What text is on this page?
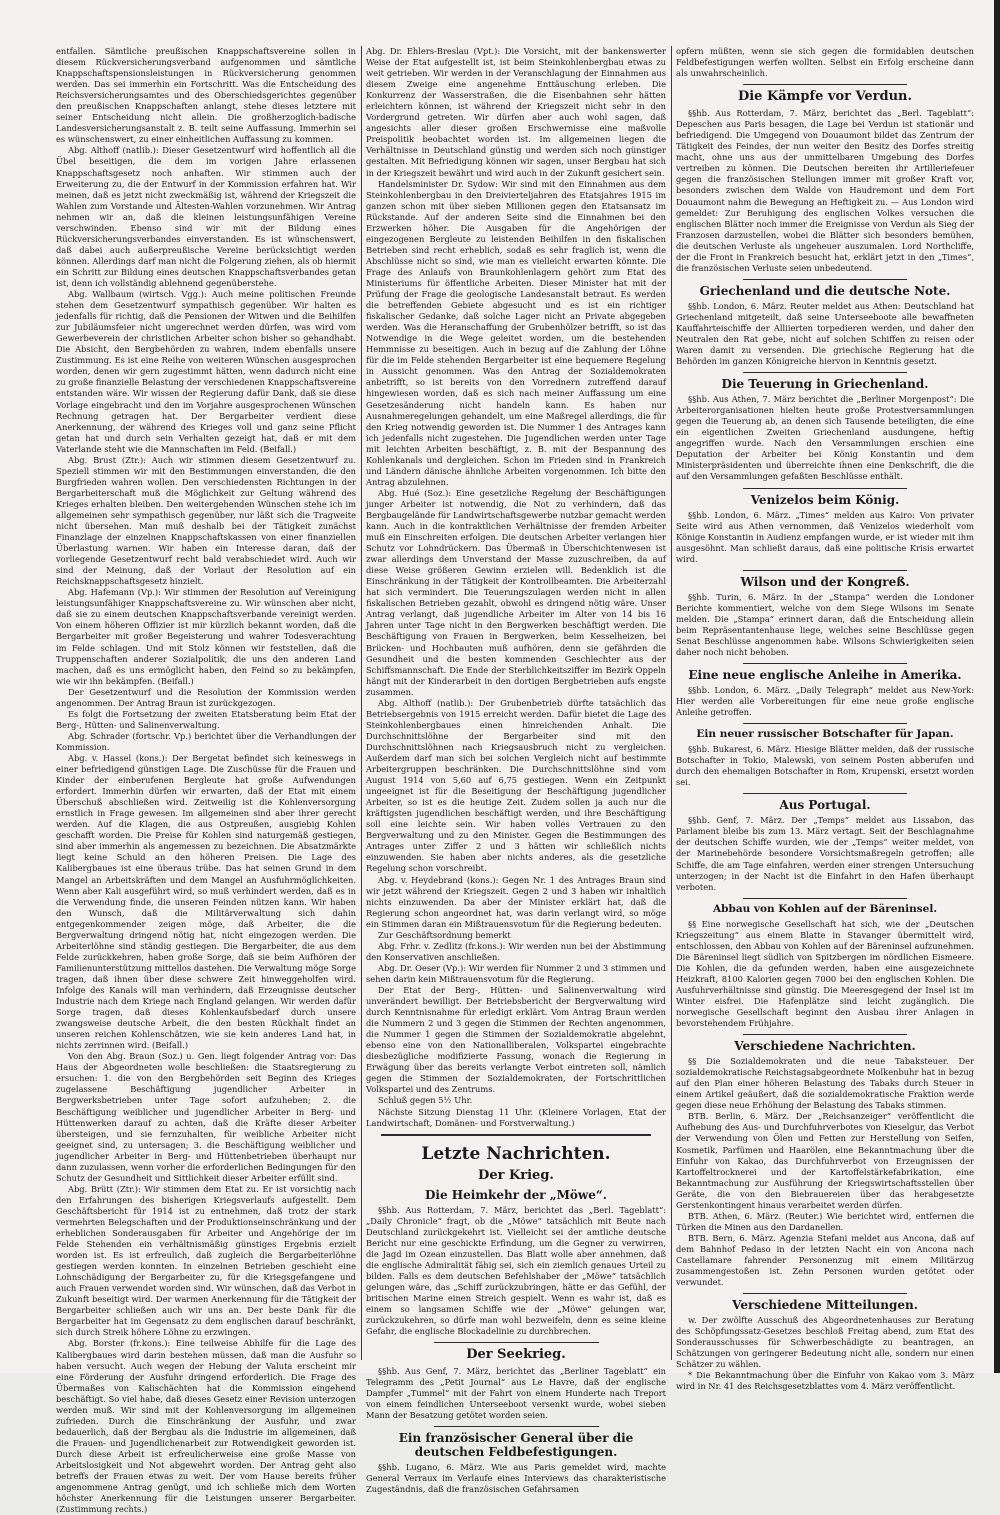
entfallen. Sämtliche preußischen Knappschaftsvereine sollen in diesem Rückversicherungsverband aufgenommen und sämtliche Knappschaftspensionsleistungen in Rückversicherung genommen werden. Das sei immerhin ein Fortschritt. Was die Entscheidung des Reichsversicherungsamtes und des Oberschiedsgerichtes gegenüber den preußischen Knappschaften anlangt, stehe dieses letztere mit seiner Entscheidung nicht allein. Die großherzoglich-badische Landesversicherungsanstalt z. B. teilt seine Auffassung. Immerhin sei es wünschenswert, zu einer einheitlichen Auffassung zu kommen.

Abg. Althoff (natlib.): Dieser Gesetzentwurf wird hoffentlich all die Übel beseitigen, die dem im vorigen Jahre erlassenen Knappschaftsgesetz noch anhaften. Wir stimmen auch der Erweiterung zu, die der Entwurf in der Kommission erfahren hat. Wir meinen, daß es jetzt nicht zweckmäßig ist, während der Kriegszeit die Wahlen zum Vorstande und Ältesten-Wahlen vorzunehmen. Wir Antrag nehmen wir an, daß die kleinen leistungsunfähigen Vereine verschwinden. Ebenso sind wir mit der Bildung eines Rückversicherungsverbandes einverstanden. Es ist wünschenswert, daß dabei auch außerpreußische Vereine berücksichtigt werden können. Allerdings darf man nicht die Folgerung ziehen, als ob hiermit ein Schritt zur Bildung eines deutschen Knappschaftsverbandes getan ist, denn ich vollständig ablehnend gegenüberstehe.

Abg. Wallbaum (wirtsch. Vgg.): Auch meine politischen Freunde stehen dem Gesetzentwurf sympathisch gegenüber. Wir halten es jedenfalls für richtig, daß die Pensionen der Witwen und die Beihilfen zur Jubiläumsfeier nicht ungerechnet werden dürfen, was wird vom Gewerbeverein der christlichen Arbeiter schon bisher so gehandhabt. Die Absicht, den Bergbehörden zu wahren, indem ebenfalls unsere Zustimmung. Es ist eine Reihe von weiteren Wünschen ausgesprochen worden, denen wir gern zugestimmt hätten, wenn dadurch nicht eine zu große finanzielle Belastung der verschiedenen Knappschaftsvereine entstanden wäre. Wir wissen der Regierung dafür Dank, daß sie diese Vorlage eingebracht und den im Vorjahre ausgesprochenen Wünschen Rechnung getragen hat. Der Bergarbeiter verdient diese Anerkennung, der während des Krieges voll und ganz seine Pflicht getan hat und durch sein Verhalten gezeigt hat, daß er mit dem Vaterlande steht wie die Mannschaften im Feld. (Beifall.)

Abg. Brust (Ztr.): Auch wir stimmen diesem Gesetzentwurf zu. Speziell stimmen wir mit den Bestimmungen einverstanden, die den Burgfrieden wahren wollen. Den verschiedensten Richtungen in der Bergarbeiterschaft muß die Möglichkeit zur Geltung während des Krieges erhalten bleiben. Den weitergehenden Wünschen stehe ich im allgemeinen sehr sympathisch gegenüber, nur läßt sich die Tragweite nicht übersehen. Man muß deshalb bei der Tätigkeit zunächst Finanzlage der einzelnen Knappschaftskassen von einer finanziellen Überlastung warnen. Wir haben ein Interesse daran, daß der vorliegende Gesetzentwurf recht bald verabschiedet wird. Auch wir sind der Meinung, daß der Vorlaut der Resolution auf ein Reichsknappschaftsgesetz hinzielt.

Abg. Hafemann (Vp.): Wir stimmen der Resolution auf Vereinigung leistungsunfähiger Knappschaftsvereine zu. Wir wünschen aber nicht, daß sie zu einem deutschen Knappschaftsverbande vereinigt werden. Von einem höheren Offizier ist mir kürzlich bekannt worden, daß die Bergarbeiter mit großer Begeisterung und wahrer Todesverachtung im Felde schlagen. Und mit Stolz können wir feststellen, daß die Truppenschaften anderer Sozialpolitik, die uns den anderen Land machen, daß es uns ermöglicht haben, den Feind so zu bekämpfen, wie wir ihn bekämpfen. (Beifall.)

Der Gesetzentwurf und die Resolution der Kommission werden angenommen. Der Antrag Braun ist zurückgezogen.

Es folgt die Fortsetzung der zweiten Etatsberatung beim Etat der Berg-, Hütten- und Salinenverwaltung.

Abg. Schrader (fortschr. Vp.) berichtet über die Verhandlungen der Kommission.

Abg. v. Hassel (kons.): Der Bergetat befindet sich keineswegs in einer befriedigend günstigen Lage. Die Zuschüsse für die Frauen und Kinder der einberufenen Bergleute hat große Aufwendungen erfordert. Immerhin dürfen wir erwarten, daß der Etat mit einem Überschuß abschließen wird. Zeitweilig ist die Kohlenversorgung ernstlich in Frage gewesen. Im allgemeinen sind aber ihrer gerecht werden. Auf die Klagen, die aus Ostpreußen, ausgiebig Kohlen geschafft worden. Die Preise für Kohlen sind naturgemäß gestiegen, sind aber immerhin als angemessen zu bezeichnen. Die Absatzmärkte liegt keine Schuld an den höheren Preisen. Die Lage des Kalibergbaues ist eine überaus trübe. Das hat seinen Grund in dem Mangel an Arbeitskräften und dem Mangel an Ausfuhrmöglichkeiten. Wenn aber Kali ausgeführt wird, so muß verhindert werden, daß es in die Verwendung finde, die unseren Feinden nützen kann. Wir haben den Wunsch, daß die Militärverwaltung sich dahin entgegenkommender zeigen möge, daß Arbeiter, die die Bergverwaltung dringend nötig hat, nicht eingezogen werden. Die Arbeiterlöhne sind ständig gestiegen. Die Bergarbeiter, die aus dem Felde zurückkehren, haben große Sorge, daß sie beim Aufhören der Familienunterstützung mittellos dastehen. Die Verwaltung möge Sorge tragen, daß ihnen über diese schwere Zeit hinweggeholfen wird. Infolge des Kanals will man verhindern, daß Erzeugnisse deutscher Industrie nach dem Kriege nach England gelangen. Wir werden dafür Sorge tragen, daß dieses Kohlenkaufsbedarf durch unsere zwangsweise deutsche Arbeit, die den besten Rückhalt findet an unseren reichen Kohlenschätzen, wie sie kein anderes Land hat, in nichts zerrinnen wird. (Beifall.)

Von den Abg. Braun (Soz.) u. Gen. liegt folgender Antrag vor: Das Haus der Abgeordneten wolle beschließen: die Staatsregierung zu ersuchen: 1. die von den Bergbehörden seit Beginn des Krieges zugelassene Beschäftigung jugendlicher Arbeiter in Bergwerksbetrieben unter Tage sofort aufzuheben; 2. die Beschäftigung weiblicher und jugendlicher Arbeiter in Berg- und Hüttenwerken darauf zu achten, daß die Kräfte dieser Arbeiter übersteigen, und sie fernzuhalten, für weibliche Arbeiter nicht geeignet sind, zu untersagen; 3. die Beschäftigung weiblicher und jugendlicher Arbeiter in Berg- und Hüttenbetrieben überhaupt nur dann zuzulassen, wenn vorher die erforderlichen Bedingungen für den Schutz der Gesundheit und Sittlichkeit dieser Arbeiter erfüllt sind.

Abg. Brütt (Ztr.): Wir stimmen dem Etat zu. Er ist vorsichtig nach den Erfahrungen des bisherigen Kriegsverlaufs aufgestellt. Dem Geschäftsbericht für 1914 ist zu entnehmen, daß trotz der stark vermehrten Belegschaften und der Produktionseinschränkung und der erheblichen Sonderausgaben für Arbeiter und Angehörige der im Felde Stehenden ein verhältnismäßig günstiges Ergebnis erzielt worden ist. Es ist erfreulich, daß zugleich die Bergarbeiterlöhne gestiegen werden konnten. In einzelnen Betrieben geschieht eine Lohnschädigung der Bergarbeiter zu, für die Kriegsgefangene und auch Frauen verwendet worden sind. Wir wünschen, daß das Verbot in Zukunft beseitigt wird. Der warmen Anerkennung für die Tätigkeit der Bergarbeiter schließen auch wir uns an. Der beste Dank für die Bergarbeiter hat im Gegensatz zu dem englischen darauf beschränkt, sich durch Streik höhere Löhne zu erzwingen.

Abg. Borster (fr.kons.): Eine teilweise Abhilfe für die Lage des Kalibergbaues wird darin bestehen müssen, daß man die Ausfuhr so haben versucht. Auch wegen der Hebung der Valuta erscheint mir eine Förderung der Ausfuhr dringend erforderlich. Die Frage des Übermaßes von Kalischächten hat die Kommission eingehend beschäftigt. So viel habe, daß dieses Gesetz einer Revision unterzogen werden muß. Wir sind mit der Kohlenversorgung im allgemeinen zufrieden. Durch die Einschränkung der Ausfuhr, und zwar bedauerlich, daß der Bergbau als die Industrie im allgemeinen, daß die Frauen- und Jugendlichenarbeit zur Rotwendigkeit geworden ist. Durch diese Arbeit ist erfreulicherweise eine große Masse von Arbeitslosigkeit und Not abgewehrt worden. Der Antrag geht also betreffs der Frauen etwas zu weit. Der vom Hause bereits früher angenommene Antrag genügt, und ich schließe mich dem Worten höchster Anerkennung für die Leistungen unserer Bergarbeiter. (Zustimmung rechts.)

Abg. Dr. Ehlers-Breslau (Vpt.): Die Vorsicht, mit der bankenswerter Weise der Etat aufgestellt ist, ist beim Steinkohlenbergbau etwas zu weit getrieben. Wir werden in der Veranschlagung der Einnahmen aus diesem Zweige eine angenehme Enttäuschung erleben. Die Konkurrenz der Wasserstraßen, die die Eisenbahnen sehr hätten erleichtern können, ist während der Kriegszeit nicht sehr in den Vordergrund getreten. Wir dürfen aber auch wohl sagen, daß angesichts aller dieser großen Erschwernisse eine maßvolle Preispolitik beobachtet worden ist. Im allgemeinen liegen die Verhältnisse in Deutschland günstig und werden sich noch günstiger gestalten. Mit Befriedigung können wir sagen, unser Bergbau hat sich in der Kriegszeit bewährt und wird auch in der Zukunft gesichert sein.

Handelsminister Dr. Sydow: Wir sind mit den Einnahmen aus dem Steinkohlenbergbau in den Dreivierteljahren des Etatsjahres 1915 im ganzen schon mit über sieben Millionen gegen den Etatsansatz im Rückstande. Auf der anderen Seite sind die Einnahmen bei den Erzwerken höher. Die Ausgaben für die Angehörigen der eingezogenen Bergleute zu leistenden Beihilfen in den fiskalischen Betrieben sind recht erheblich, sodaß es sehr fraglich ist, wenn die Abschlüsse nicht so sind, wie man es vielleicht erwarten könnte. Die Frage des Anlaufs von Braunkohlenlagern gehört zum Etat des Ministeriums für öffentliche Arbeiten. Dieser Minister hat mit der Prüfung der Frage die geologische Landesanstalt betraut. Es werden die betreffenden Gebiete abgesucht und es ist ein richtiger fiskalischer Gedanke, daß solche Lager nicht an Private abgegeben werden. Was die Heranschaffung der Grubenhölzer betrifft, so ist das Notwendige in die Wege geleitet worden, um die bestehenden Hemmnisse zu beseitigen. Auch in bezug auf die Zahlung der Löhne für die im Felde stehenden Bergarbeiter ist eine bequemere Regelung in Aussicht genommen. Was den Antrag der Sozialdemokraten anbetrifft, so ist bereits von den Vorrednern zutreffend darauf hingewiesen worden, daß es sich nach meiner Auffassung um eine Gesetzesänderung nicht handeln kann. Es haben nur Ausnahmeregelungen gehandelt, um eine Maßregel allerdings, die für den Krieg notwendig geworden ist. Die Nummer 1 des Antrages kann ich jedenfalls nicht zugestehen. Die Jugendlichen werden unter Tage mit leichten Arbeiten beschäftigt, z. B. mit der Bespannung des Kohlenkanals und dergleichen. Schon im Frieden sind in Frankreich und Ländern dänische ähnliche Arbeiten vorgenommen. Ich bitte den Antrag abzulehnen.

Abg. Hué (Soz.): Eine gesetzliche Regelung der Beschäftigungen junger Arbeiter ist notwendig, die Not zu verhindern, daß das Bergbaugelände für Landwirtschaftsgewerbe nutzbar gemacht werden kann. Auch in die kontraktlichen Verhältnisse der fremden Arbeiter muß ein Einschreiten erfolgen. Die deutschen Arbeiter verlangen hier Schutz vor Lohndrückern. Das Übermaß in Überschichtenwesen ist zwar allerdings dem Unverstand der Masse zuzuschreiben, da auf diese Weise größeren Gewinn erzielen will. Bedenklich ist die Einschränkung in der Tätigkeit der Kontrollbeamten. Die Arbeiterzahl hat sich vermindert. Die Teuerungszulagen werden nicht in allen fiskalischen Betrieben gezahlt, obwohl es dringend nötig wäre. Unser Antrag verlangt, daß jugendliche Arbeiter im Alter von 14 bis 16 Jahren unter Tage nicht in den Bergwerken beschäftigt werden. Die Beschäftigung von Frauen in Bergwerken, beim Kesselheizen, bei Brücken- und Hochbauten muß aufhören, denn sie gefährden die Gesundheit und die besten kommenden Geschlechter aus der Schiffsmannschaft. Die Ende der Sterblichkeitsziffer im Bezirk Oppeln hängt mit der Kinderarbeit in den dortigen Bergbetrieben aufs engste zusammen.

Abg. Althoff (natlib.): Der Grubenbetrieb dürfte tatsächlich das Betriebsergebnis von 1915 erreicht werden. Dafür bietet die Lage des Steinkohlenbergbaues einen hinreichenden Anhalt. Die Durchschnittslöhne der Bergarbeiter sind mit den Durchschnittslöhnen nach Kriegsausbruch nicht zu vergleichen. Außerdem darf man sich bei solchen Vergleich nicht auf bestimmte Arbeitergruppen beschränken. Die Durchschnittslöhne sind vom August 1914 von 5,60 auf 6,75 gestiegen. Wenn ein Zeitpunkt ungeeignet ist für die Beseitigung der Beschäftigung jugendlicher Arbeiter, so ist es die heutige Zeit. Zudem sollen ja auch nur die kräftigsten jugendlichen beschäftigt werden, und ihre Beschäftigung soll eine leichte sein. Wir haben volles Vertrauen zu den Bergverwaltung und zu den Minister. Gegen die Bestimmungen des Antrages unter Ziffer 2 und 3 hätten wir schließlich nichts einzuwenden. Sie haben aber nichts anderes, als die gesetzliche Regelung schon vorschreibt.

Abg. v. Heydebrand (kons.): Gegen Nr. 1 des Antrages Braun sind wir jetzt während der Kriegszeit. Gegen 2 und 3 haben wir inhaltlich nichts einzuwenden. Da aber der Minister erklärt hat, daß die Regierung schon angeordnet hat, was darin verlangt wird, so möge ein Stimmen daran ein Mißtrauensvotum für die Regierung bedeuten.

Zur Geschäftsordnung bemerkt

Abg. Frhr. v. Zedlitz (fr.kons.): Wir werden nun bei der Abstimmung den Konservativen anschließen.

Abg. Dr. Oeser (Vp.): Wir werden für Nummer 2 und 3 stimmen und sehen darin kein Mißtrauensvotum für die Regierung.

Der Etat der Berg-, Hütten- und Salinenverwaltung wird unverändert bewilligt. Der Betriebsbericht der Bergverwaltung wird durch Kenntnisnahme für erledigt erklärt. Vom Antrag Braun werden die Nummern 2 und 3 gegen die Stimmen der Rechten angenommen, die Nummer 1 gegen die Stimmen der Sozialdemokratie abgelehnt, ebenso eine von den Nationalliberalen, Volkspartei eingebrachte diesbezügliche modifizierte Fassung, wonach die Regierung in Erwägung über das bereits verlangte Verbot eintreten soll, nämlich gegen die Stimmen der Sozialdemokraten, der Fortschrittlichen Volkspartei und des Zentrums.

Schluß gegen 5½ Uhr.

Nächste Sitzung Dienstag 11 Uhr. (Kleinere Vorlagen, Etat der Landwirtschaft, Domänen- und Forstverwaltung.)

Letzte Nachrichten.
Der Krieg.
Die Heimkehr der „Möwe“.

§§hb. Aus Rotterdam, 7. März, berichtet das „Berl. Tageblatt“: „Daily Chronicle“ fragt, ob die „Möwe“ tatsächlich mit Beute nach Deutschland zurückgekehrt ist. Vielleicht sei der amtliche deutsche Bericht nur eine geschickte Erfindung, um die Gegner zu verwirren, die Jagd im Ozean einzustellen. Das Blatt wolle aber annehmen, daß die englische Admiralität fähig sei, sich ein ziemlich genaues Urteil zu bilden. Falls es dem deutschen Befehlshaber der „Möwe“ tatsächlich gelungen wäre, das „Schiff zurückzubringen, hätte er das Gefühl, der britischen Marine einen Streich gespielt. Wenn es wahr ist, daß es einem so langsamen Schiffe wie der „Möwe“ gelungen war, zurückzukehren, so dürfe man wohl bezweifeln, denn es seine kleine Gefahr, die englische Blockadelinie zu durchbrechen.

Der Seekrieg.

§§hb. Aus Genf, 7. März, berichtet das „Berliner Tageblatt“ ein Telegramm des „Petit Journal“ aus Le Havre, daß der englische Dampfer „Tummel“ mit der Fahrt von einem Hunderte nach Treport von einem feindlichen Unterseeboot versenkt wurde, wobei sieben Mann der Besatzung getötet worden seien.

Ein französischer General über die deutschen Feldbefestigungen.

§§hb. Lugano, 6. März. Wie aus Paris gemeldet wird, machte General Verraux im Verlaufe eines Interviews das charakteristische Zugeständnis, daß die französischen Gefahrsamen

opfern müßten, wenn sie sich gegen die formidablen deutschen Feldbefestigungen werfen wollten. Selbst ein Erfolg erscheine dann als unwahrscheinlich.

Die Kämpfe vor Verdun.

§§hb. Aus Rotterdam, 7. März, berichtet das „Berl. Tageblatt“: Depeschen aus Paris besagen, die Lage bei Verdun ist stationär und befriedigend. Die Umgegend von Douaumont bildet das Zentrum der Tätigkeit des Feindes, der nun weiter den Besitz des Dorfes streitig macht, ohne uns aus der unmittelbaren Umgebung des Dorfes vertreiben zu können. Die Deutschen bereiten ihr Artilleriefeuer gegen die französischen Stellungen immer mit großer Kraft vor, besonders zwischen dem Walde von Haudremont und dem Fort Douaumont nahm die Bewegung an Heftigkeit zu. — Aus London wird gemeldet: Zur Beruhigung des englischen Volkes versuchen die englischen Blätter noch immer die Ereignisse von Verdun als Sieg der Franzosen darzustellen, wobei die Blätter sich besonders bemühen, die deutschen Verluste als ungeheuer auszumalen. Lord Northcliffe, der die Front in Frankreich besucht hat, erklärt jetzt in den „Times“, die französischen Verluste seien unbedeutend.

Griechenland und die deutsche Note.

§§hb. London, 6. März. Reuter meldet aus Athen: Deutschland hat Griechenland mitgeteilt, daß seine Unterseeboote alle bewaffneten Kauffahrteischiffe der Alliierten torpedieren werden, und daher den Neutralen den Rat gebe, nicht auf solchen Schiffen zu reisen oder Waren damit zu versenden. Die griechische Regierung hat die Behörden im ganzen Königreiche hiervon in Kenntnis gesetzt.

Die Teuerung in Griechenland.

§§hb. Aus Athen, 7. März berichtet die „Berliner Morgenpost“: Die Arbeiterorganisationen hielten heute große Protestversammlungen gegen die Teuerung ab, an denen sich Tausende beteiligten, die eine ein eigentlichen Zweiten Griechenland ausdungene, heftig angegriffen wurde. Nach den Versammlungen erschien eine Deputation der Arbeiter bei König Konstantin und dem Ministerpräsidenten und überreichte ihnen eine Denkschrift, die die auf den Versammlungen gefaßten Beschlüsse enthält.

Venizelos beim König.

§§hb. London, 6. März. „Times“ melden aus Kairo: Von privater Seite wird aus Athen vernommen, daß Venizelos wiederholt vom Könige Konstantin in Audienz empfangen wurde, er ist wieder mit ihm ausgesöhnt. Man schließt daraus, daß eine politische Krisis erwartet wird.

Wilson und der Kongreß.

§§hb. Turin, 6. März. In der „Stampa“ werden die Londoner Berichte kommentiert, welche von dem Siege Wilsons im Senate melden. Die „Stampa“ erinnert daran, daß die Entscheidung allein beim Repräsentantenhause liege, welches seine Beschlüsse gegen Senat Beschlüsse angenommen habe. Wilsons Schwierigkeiten seien daher noch nicht behoben.

Eine neue englische Anleihe in Amerika.

§§hb. London, 6. März. „Daily Telegraph“ meldet aus New-York: Hier werden alle Vorbereitungen für eine neue große englische Anleihe getroffen.

Ein neuer russischer Botschafter für Japan.

§§hb. Bukarest, 6. März. Hiesige Blätter melden, daß der russische Botschafter in Tokio, Malewski, von seinem Posten abberufen und durch den ehemaligen Botschafter in Rom, Krupenski, ersetzt worden sei.

Aus Portugal.

§§hb. Genf, 7. März. Der „Temps“ meldet aus Lissabon, das Parlament bleibe bis zum 13. März vertagt. Seit der Beschlagnahme der deutschen Schiffe wurden, wie der „Temps“ weiter meldet, von der Marinebehörde besondere Vorsichtsmaßregeln getroffen; alle Schiffe, die am Tage einfahren, werden einer strengen Untersuchung unterzogen; in der Nacht ist die Einfahrt in den Hafen überhaupt verboten.

Abbau von Kohlen auf der Bäreninsel.

§§ Eine norwegische Gesellschaft hat sich, wie der „Deutschen Kriegszeitung“ aus einem Blatte in Stavanger übermittelt wird, entschlossen, den Abbau von Kohlen auf der Bäreninsel aufzunehmen. Die Bäreninsel liegt südlich von Spitzbergen im nördlichen Eismeere. Die Kohlen, die da gefunden werden, haben eine ausgezeichnete Heizkraft, 8100 Kalorien gegen 7000 bei den englischen Kohlen. Die Ausfuhrverhältnisse sind günstig. Die Meeresgegend der Insel ist im Winter eisfrei. Die Hafenplätze sind leicht zugänglich. Die norwegische Gesellschaft beginnt den Ausbau ihrer Anlagen in bevorstehendem Frühjahre.

Verschiedene Nachrichten.

§§ Die Sozialdemokraten und die neue Tabaksteuer. Der sozialdemokratische Reichstagsabgeordnete Molkenbuhr hat in bezug auf den Plan einer höheren Belastung des Tabaks durch Steuer in einem Artikel geäußert, daß die sozialdemokratische Fraktion werde gegen diese neue Erhöhung der Belastung des Tabaks stimmen.

BTB. Berlin, 6. März. Der „Reichsanzeiger“ veröffentlicht die Aufhebung des Aus- und Durchfuhrverbotes von Kieselgur, das Verbot der Verwendung von Ölen und Fetten zur Herstellung von Seifen, Kosmetik, Parfümen und Haarölen, eine Bekanntmachung über die Einfuhr von Kakao, das Durchfuhrverbot von Erzeugnissen der Kartoffeltrocknerei und der Kartoffelstärkefabrikation, eine Bekanntmachung zur Ausführung der Kriegswirtschaftsstellen über Geräte, die von den Biebrauereien über das herabgesetzte Gerstenkontingent hinaus verarbeitet werden dürfen.

BTB. Athen, 6. März. (Reuter.) Wie berichtet wird, entfernen die Türken die Minen aus den Dardanellen.

BTB. Bern, 6. März. Agenzia Stefani meldet aus Ancona, daß auf dem Bahnhof Pedaso in der letzten Nacht ein von Ancona nach Castellamare fahrender Personenzug mit einem Militärzug zusammengestoßen ist. Zehn Personen wurden getötet oder verwundet.

Verschiedene Mitteilungen.

w. Der zwölfte Ausschuß des Abgeordnetenhauses zur Beratung des Schöpfungssatz-Gesetzes beschloß Freitag abend, zum Etat des Sonderausschusses für Schwerbeschädigte zu beantragen, an Schätzungen von geringerer Bedeutung nicht alle, sondern nur einen Schätzer zu wählen.

* Die Bekanntmachung über die Einfuhr von Kakao vom 3. März wird in Nr. 41 des Reichsgesetzblattes vom 4. März veröffentlicht.
